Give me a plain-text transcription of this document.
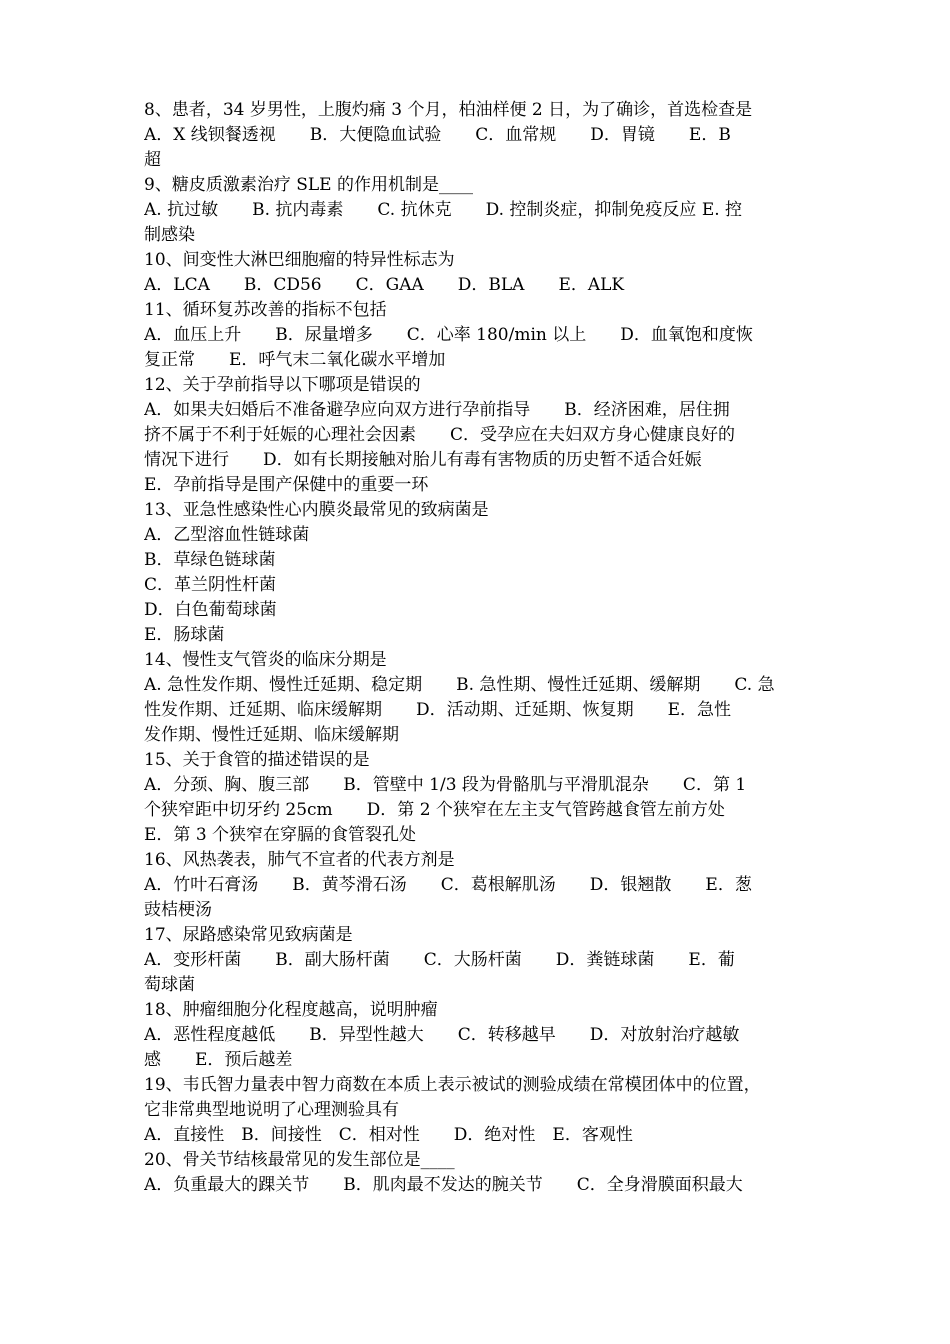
8、患者，34 岁男性，上腹灼痛 3 个月，柏油样便 2 日，为了确诊，首选检查是
A．X 线钡餐透视　　B．大便隐血试验　　C．血常规　　D．胃镜　　E．B
超
9、糖皮质激素治疗 SLE 的作用机制是____
A. 抗过敏　　B. 抗内毒素　　C. 抗休克　　D. 控制炎症，抑制免疫反应 E. 控
制感染
10、间变性大淋巴细胞瘤的特异性标志为
A．LCA　　B．CD56　　C．GAA　　D．BLA　　E．ALK
11、循环复苏改善的指标不包括
A．血压上升　　B．尿量增多　　C．心率 180/min 以上　　D．血氧饱和度恢
复正常　　E．呼气末二氧化碳水平增加
12、关于孕前指导以下哪项是错误的
A．如果夫妇婚后不准备避孕应向双方进行孕前指导　　B．经济困难，居住拥
挤不属于不利于妊娠的心理社会因素　　C．受孕应在夫妇双方身心健康良好的
情况下进行　　D．如有长期接触对胎儿有毒有害物质的历史暂不适合妊娠
E．孕前指导是围产保健中的重要一环
13、亚急性感染性心内膜炎最常见的致病菌是
A．乙型溶血性链球菌
B．草绿色链球菌
C．革兰阴性杆菌
D．白色葡萄球菌
E．肠球菌
14、慢性支气管炎的临床分期是
A. 急性发作期、慢性迁延期、稳定期　　B. 急性期、慢性迁延期、缓解期　　C. 急
性发作期、迁延期、临床缓解期　　D．活动期、迁延期、恢复期　　E．急性
发作期、慢性迁延期、临床缓解期
15、关于食管的描述错误的是
A．分颈、胸、腹三部　　B．管壁中 1/3 段为骨骼肌与平滑肌混杂　　C．第 1
个狭窄距中切牙约 25cm　　D．第 2 个狭窄在左主支气管跨越食管左前方处
E．第 3 个狭窄在穿膈的食管裂孔处
16、风热袭表，肺气不宣者的代表方剂是
A．竹叶石膏汤　　B．黄芩滑石汤　　C．葛根解肌汤　　D．银翘散　　E．葱
豉桔梗汤
17、尿路感染常见致病菌是
A．变形杆菌　　B．副大肠杆菌　　C．大肠杆菌　　D．粪链球菌　　E．葡
萄球菌
18、肿瘤细胞分化程度越高，说明肿瘤
A．恶性程度越低　　B．异型性越大　　C．转移越早　　D．对放射治疗越敏
感　　E．预后越差
19、韦氏智力量表中智力商数在本质上表示被试的测验成绩在常模团体中的位置，
它非常典型地说明了心理测验具有
A．直接性　B．间接性　C．相对性　　D．绝对性　E．客观性
20、骨关节结核最常见的发生部位是____
A．负重最大的踝关节　　B．肌肉最不发达的腕关节　　C．全身滑膜面积最大
